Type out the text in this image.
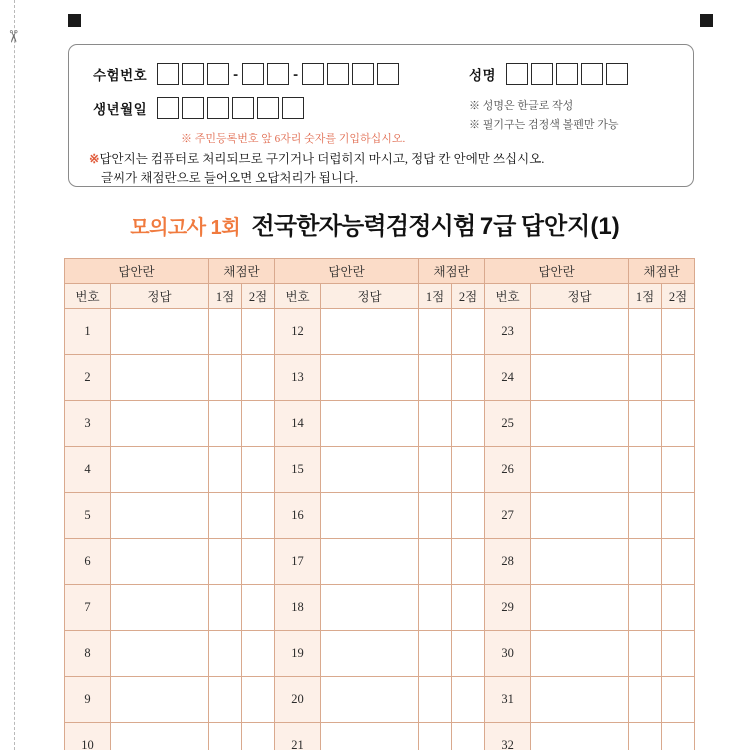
✂
수험번호	-	-
생년월일
성명
※ 주민등록번호 앞 6자리 숫자를 기입하십시오.
※ 성명은 한글로 작성
※ 필기구는 검정색 볼펜만 가능
※답안지는 컴퓨터로 처리되므로 구기거나 더럽히지 마시고, 정답 칸 안에만 쓰십시오.
글씨가 채점란으로 들어오면 오답처리가 됩니다.
모의고사 1회 전국한자능력검정시험 7급 답안지(1)
답안란		채점란		답안란		채점란		답안란		채점란	
번호	정답	1점	2점	번호	정답	1점	2점	번호	정답	1점	2점
1				12				23			
2				13				24			
3				14				25			
4				15				26			
5				16				27			
6				17				28			
7				18				29			
8				19				30			
9				20				31			
10				21				32			
